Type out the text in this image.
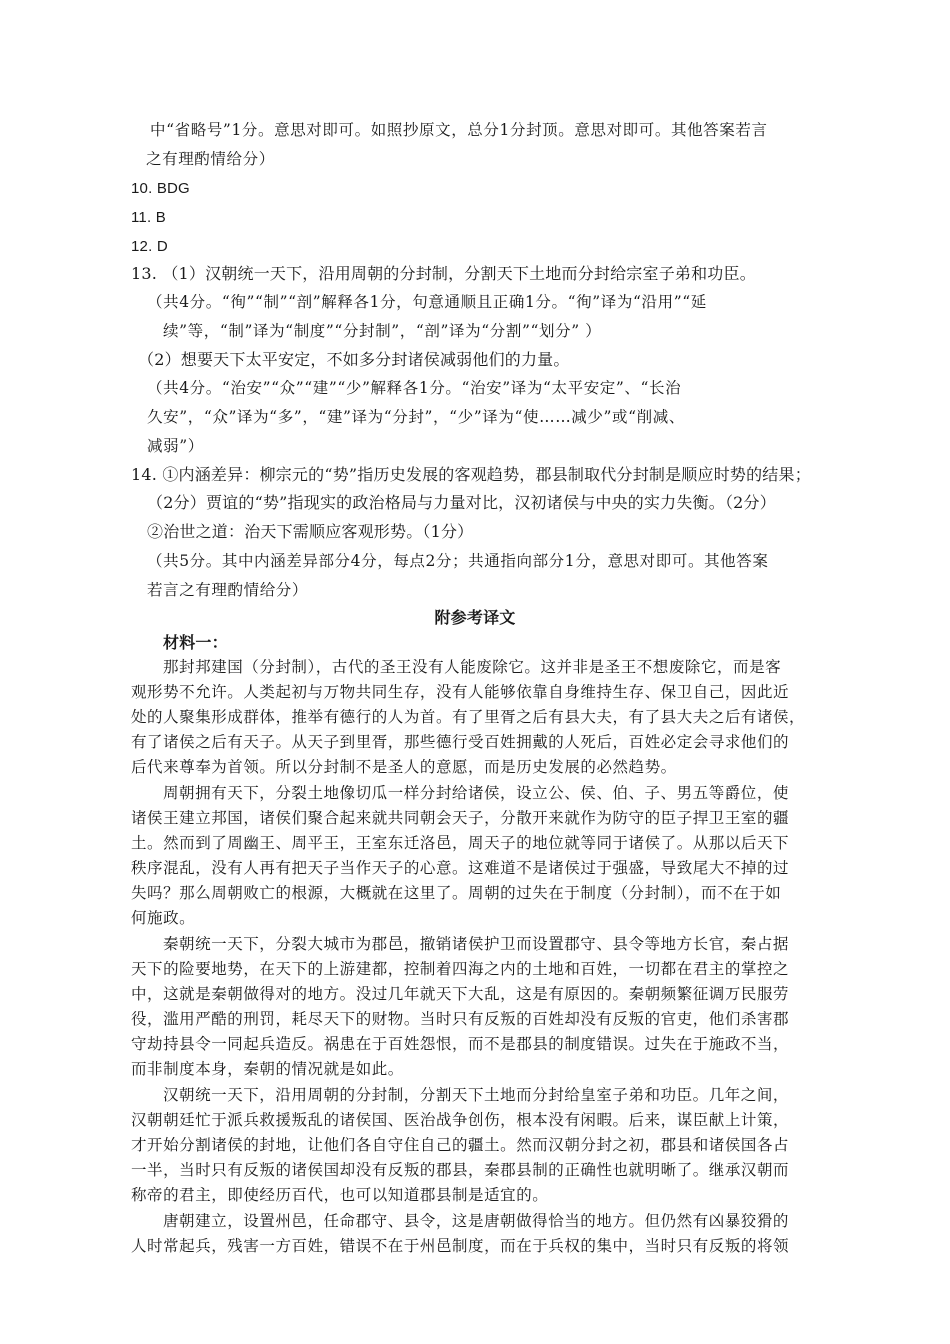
中“省略号”1分。意思对即可。如照抄原文，总分1分封顶。意思对即可。其他答案若言

之有理酌情给分）

10. BDG

11. B

12. D

13. （1）汉朝统一天下，沿用周朝的分封制，分割天下土地而分封给宗室子弟和功臣。

（共4分。“徇”“制”“剖”解释各1分，句意通顺且正确1分。“徇”译为“沿用”“延

续”等，“制”译为“制度”“分封制”，“剖”译为“分割”“划分” ）

（2）想要天下太平安定，不如多分封诸侯减弱他们的力量。

（共4分。“治安”“众”“建”“少”解释各1分。“治安”译为“太平安定”、“长治

久安”，“众”译为“多”，“建”译为“分封”，“少”译为“使……减少”或“削减、

减弱”）

14. ①内涵差异：柳宗元的“势”指历史发展的客观趋势，郡县制取代分封制是顺应时势的结果；

（2分）贾谊的“势”指现实的政治格局与力量对比，汉初诸侯与中央的实力失衡。（2分）

②治世之道：治天下需顺应客观形势。（1分）

（共5分。其中内涵差异部分4分，每点2分；共通指向部分1分，意思对即可。其他答案

若言之有理酌情给分）

附参考译文

材料一：

那封邦建国（分封制），古代的圣王没有人能废除它。这并非是圣王不想废除它，而是客

观形势不允许。人类起初与万物共同生存，没有人能够依靠自身维持生存、保卫自己，因此近

处的人聚集形成群体，推举有德行的人为首。有了里胥之后有县大夫，有了县大夫之后有诸侯，

有了诸侯之后有天子。从天子到里胥，那些德行受百姓拥戴的人死后，百姓必定会寻求他们的

后代来尊奉为首领。所以分封制不是圣人的意愿，而是历史发展的必然趋势。

周朝拥有天下，分裂土地像切瓜一样分封给诸侯，设立公、侯、伯、子、男五等爵位，使

诸侯王建立邦国，诸侯们聚合起来就共同朝会天子，分散开来就作为防守的臣子捍卫王室的疆

土。然而到了周幽王、周平王，王室东迁洛邑，周天子的地位就等同于诸侯了。从那以后天下

秩序混乱，没有人再有把天子当作天子的心意。这难道不是诸侯过于强盛，导致尾大不掉的过

失吗？那么周朝败亡的根源，大概就在这里了。周朝的过失在于制度（分封制），而不在于如

何施政。

秦朝统一天下，分裂大城市为郡邑，撤销诸侯护卫而设置郡守、县令等地方长官，秦占据

天下的险要地势，在天下的上游建都，控制着四海之内的土地和百姓，一切都在君主的掌控之

中，这就是秦朝做得对的地方。没过几年就天下大乱，这是有原因的。秦朝频繁征调万民服劳

役，滥用严酷的刑罚，耗尽天下的财物。当时只有反叛的百姓却没有反叛的官吏，他们杀害郡

守劫持县令一同起兵造反。祸患在于百姓怨恨，而不是郡县的制度错误。过失在于施政不当，

而非制度本身，秦朝的情况就是如此。

汉朝统一天下，沿用周朝的分封制，分割天下土地而分封给皇室子弟和功臣。几年之间，

汉朝朝廷忙于派兵救援叛乱的诸侯国、医治战争创伤，根本没有闲暇。后来，谋臣献上计策，

才开始分割诸侯的封地，让他们各自守住自己的疆土。然而汉朝分封之初，郡县和诸侯国各占

一半，当时只有反叛的诸侯国却没有反叛的郡县，秦郡县制的正确性也就明晰了。继承汉朝而

称帝的君主，即使经历百代，也可以知道郡县制是适宜的。

唐朝建立，设置州邑，任命郡守、县令，这是唐朝做得恰当的地方。但仍然有凶暴狡猾的

人时常起兵，残害一方百姓，错误不在于州邑制度，而在于兵权的集中，当时只有反叛的将领
